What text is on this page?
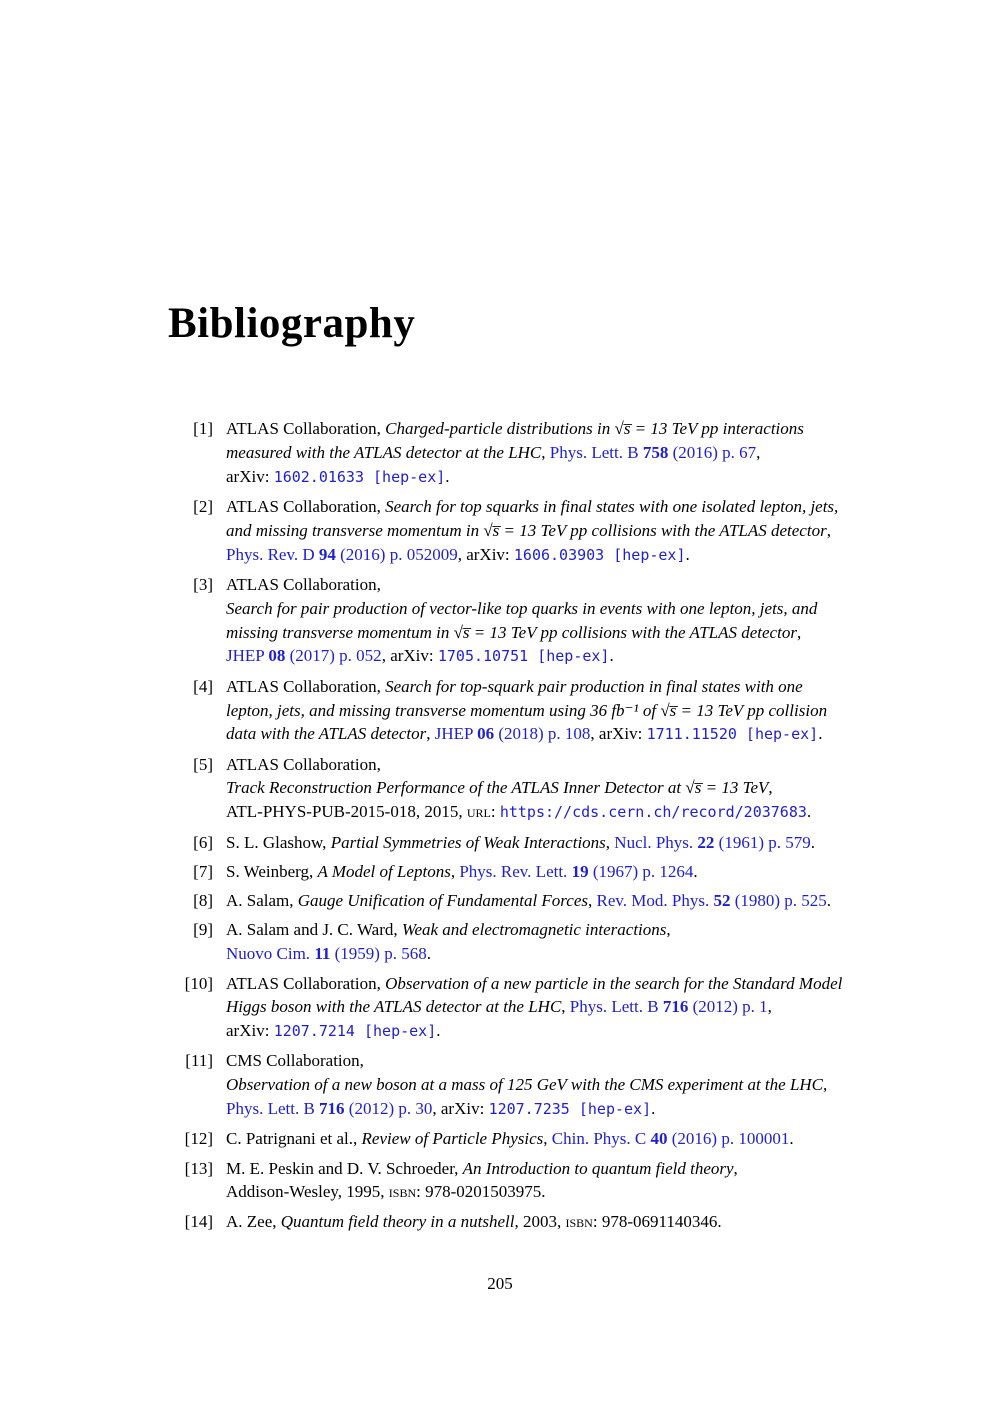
Bibliography
[1] ATLAS Collaboration, Charged-particle distributions in √s̅ = 13 TeV pp interactions
measured with the ATLAS detector at the LHC, Phys. Lett. B 758 (2016) p. 67,
arXiv: 1602.01633 [hep-ex].
[2] ATLAS Collaboration, Search for top squarks in final states with one isolated lepton, jets,
and missing transverse momentum in √s̅ = 13 TeV pp collisions with the ATLAS detector,
Phys. Rev. D 94 (2016) p. 052009, arXiv: 1606.03903 [hep-ex].
[3] ATLAS Collaboration,
Search for pair production of vector-like top quarks in events with one lepton, jets, and
missing transverse momentum in √s̅ = 13 TeV pp collisions with the ATLAS detector,
JHEP 08 (2017) p. 052, arXiv: 1705.10751 [hep-ex].
[4] ATLAS Collaboration, Search for top-squark pair production in final states with one
lepton, jets, and missing transverse momentum using 36 fb⁻¹ of √s̅ = 13 TeV pp collision
data with the ATLAS detector, JHEP 06 (2018) p. 108, arXiv: 1711.11520 [hep-ex].
[5] ATLAS Collaboration,
Track Reconstruction Performance of the ATLAS Inner Detector at √s̅ = 13 TeV,
ATL-PHYS-PUB-2015-018, 2015, url: https://cds.cern.ch/record/2037683.
[6] S. L. Glashow, Partial Symmetries of Weak Interactions, Nucl. Phys. 22 (1961) p. 579.
[7] S. Weinberg, A Model of Leptons, Phys. Rev. Lett. 19 (1967) p. 1264.
[8] A. Salam, Gauge Unification of Fundamental Forces, Rev. Mod. Phys. 52 (1980) p. 525.
[9] A. Salam and J. C. Ward, Weak and electromagnetic interactions,
Nuovo Cim. 11 (1959) p. 568.
[10] ATLAS Collaboration, Observation of a new particle in the search for the Standard Model
Higgs boson with the ATLAS detector at the LHC, Phys. Lett. B 716 (2012) p. 1,
arXiv: 1207.7214 [hep-ex].
[11] CMS Collaboration,
Observation of a new boson at a mass of 125 GeV with the CMS experiment at the LHC,
Phys. Lett. B 716 (2012) p. 30, arXiv: 1207.7235 [hep-ex].
[12] C. Patrignani et al., Review of Particle Physics, Chin. Phys. C 40 (2016) p. 100001.
[13] M. E. Peskin and D. V. Schroeder, An Introduction to quantum field theory,
Addison-Wesley, 1995, isbn: 978-0201503975.
[14] A. Zee, Quantum field theory in a nutshell, 2003, isbn: 978-0691140346.
205
